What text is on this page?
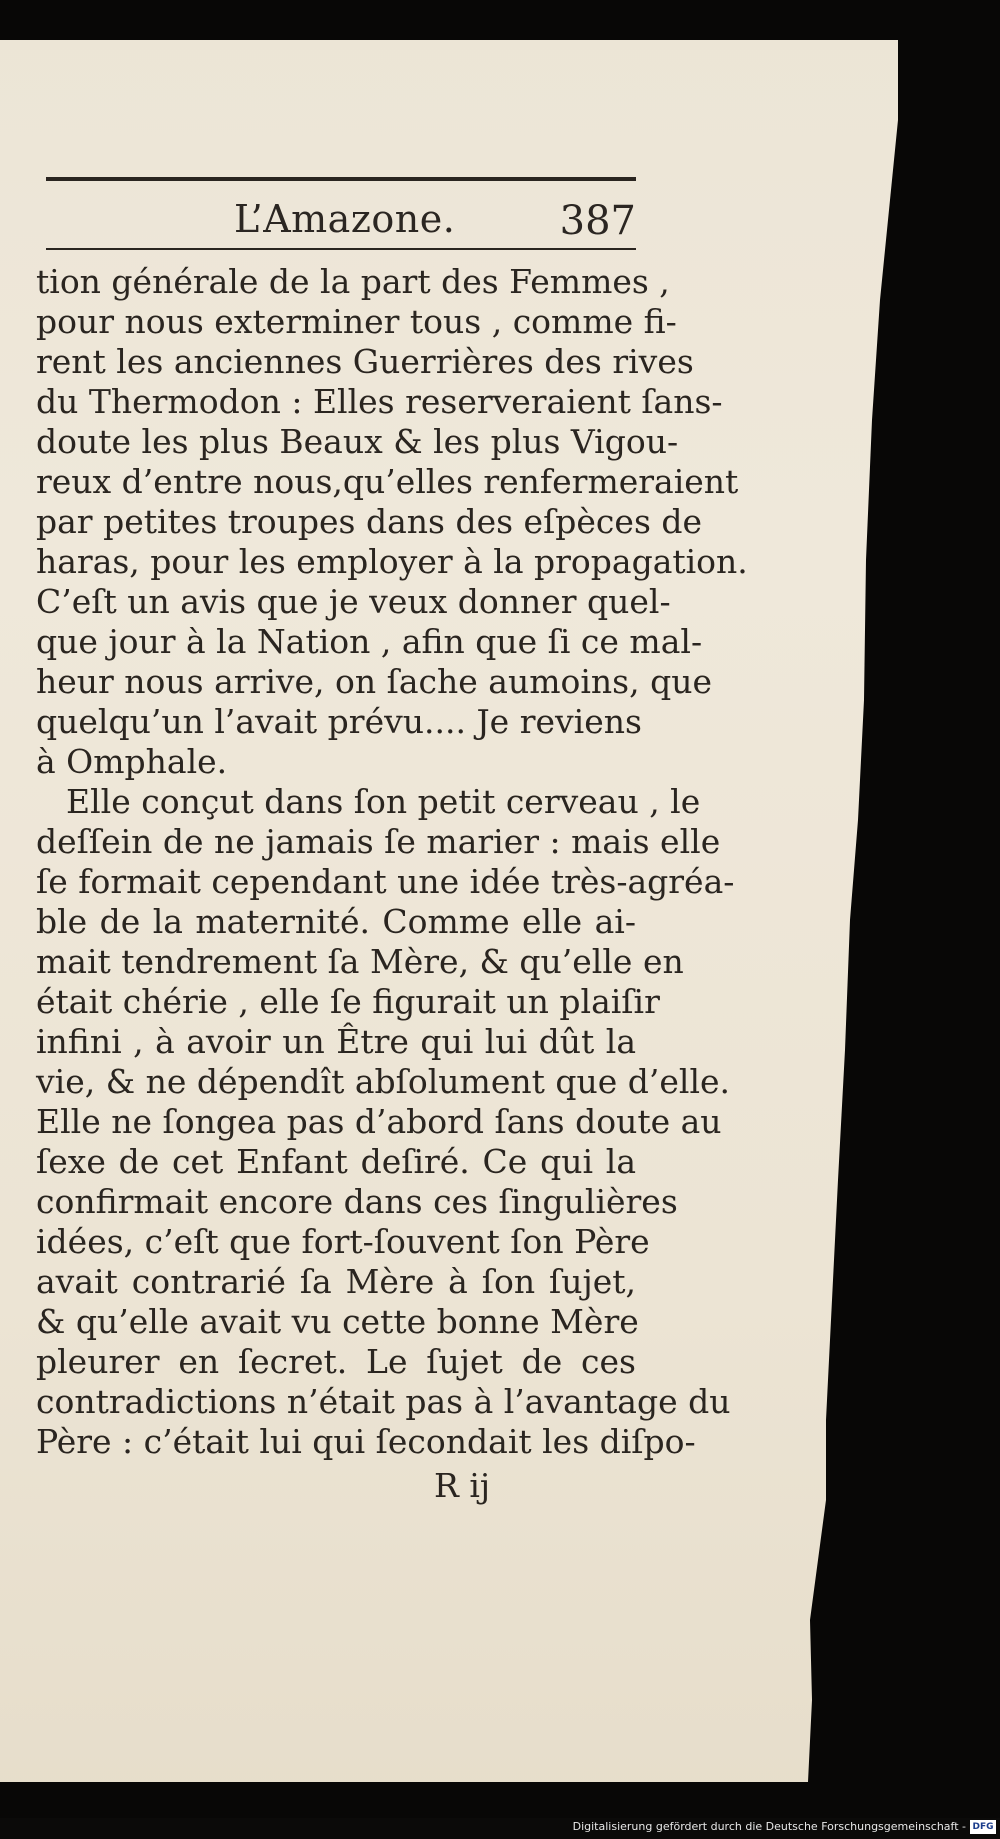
L’Amazone.	387
tion générale de la part des Femmes ,
pour nous exterminer tous , comme fi-
rent les anciennes Guerrières des rives
du Thermodon : Elles reserveraient ſans-
doute les plus Beaux & les plus Vigou-
reux d’entre nous,qu’elles renfermeraient
par petites troupes dans des eſpèces de
haras, pour les employer à la propagation.
C’eſt un avis que je veux donner quel-
que jour à la Nation , afin que ſi ce mal-
heur nous arrive, on ſache aumoins, que
quelqu’un l’avait prévu.... Je reviens
à Omphale.
Elle conçut dans ſon petit cerveau , le
deſſein de ne jamais ſe marier : mais elle
ſe formait cependant une idée très-agréa-
ble de la maternité. Comme elle ai-
mait tendrement ſa Mère, & qu’elle en
était chérie , elle ſe figurait un plaiſir
infini , à avoir un Être qui lui dût la
vie, & ne dépendît abſolument que d’elle.
Elle ne ſongea pas d’abord ſans doute au
ſexe de cet Enfant deſiré. Ce qui la
confirmait encore dans ces ſingulières
idées, c’eſt que fort-ſouvent ſon Père
avait contrarié ſa Mère à ſon ſujet,
& qu’elle avait vu cette bonne Mère
pleurer en ſecret. Le ſujet de ces
contradictions n’était pas à l’avantage du
Père : c’était lui qui ſecondait les diſpo-
R ij
Digitalisierung gefördert durch die Deutsche Forschungsgemeinschaft - DFG
